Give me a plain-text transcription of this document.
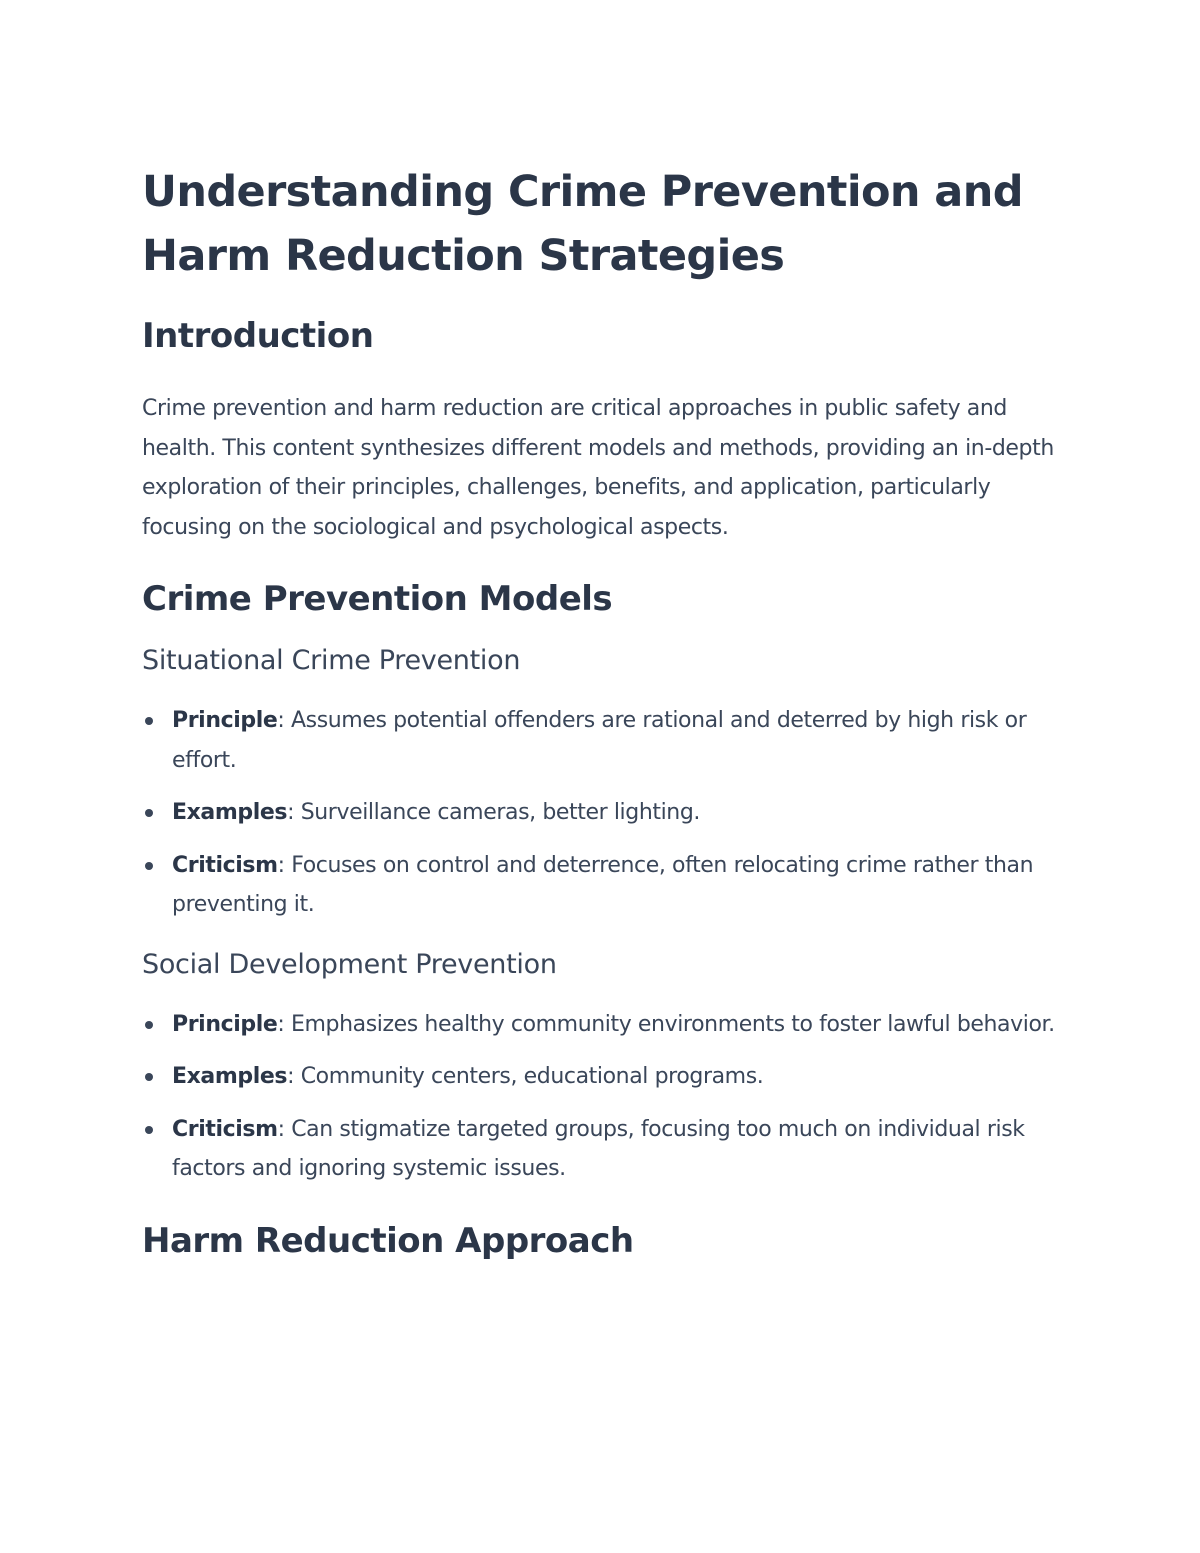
Understanding Crime Prevention and Harm Reduction Strategies
Introduction

Crime prevention and harm reduction are critical approaches in public safety and health. This content synthesizes different models and methods, providing an in-depth exploration of their principles, challenges, benefits, and application, particularly focusing on the sociological and psychological aspects.

Crime Prevention Models
Situational Crime Prevention
Principle: Assumes potential offenders are rational and deterred by high risk or effort.
Examples: Surveillance cameras, better lighting.
Criticism: Focuses on control and deterrence, often relocating crime rather than preventing it.
Social Development Prevention
Principle: Emphasizes healthy community environments to foster lawful behavior.
Examples: Community centers, educational programs.
Criticism: Can stigmatize targeted groups, focusing too much on individual risk factors and ignoring systemic issues.
Harm Reduction Approach
